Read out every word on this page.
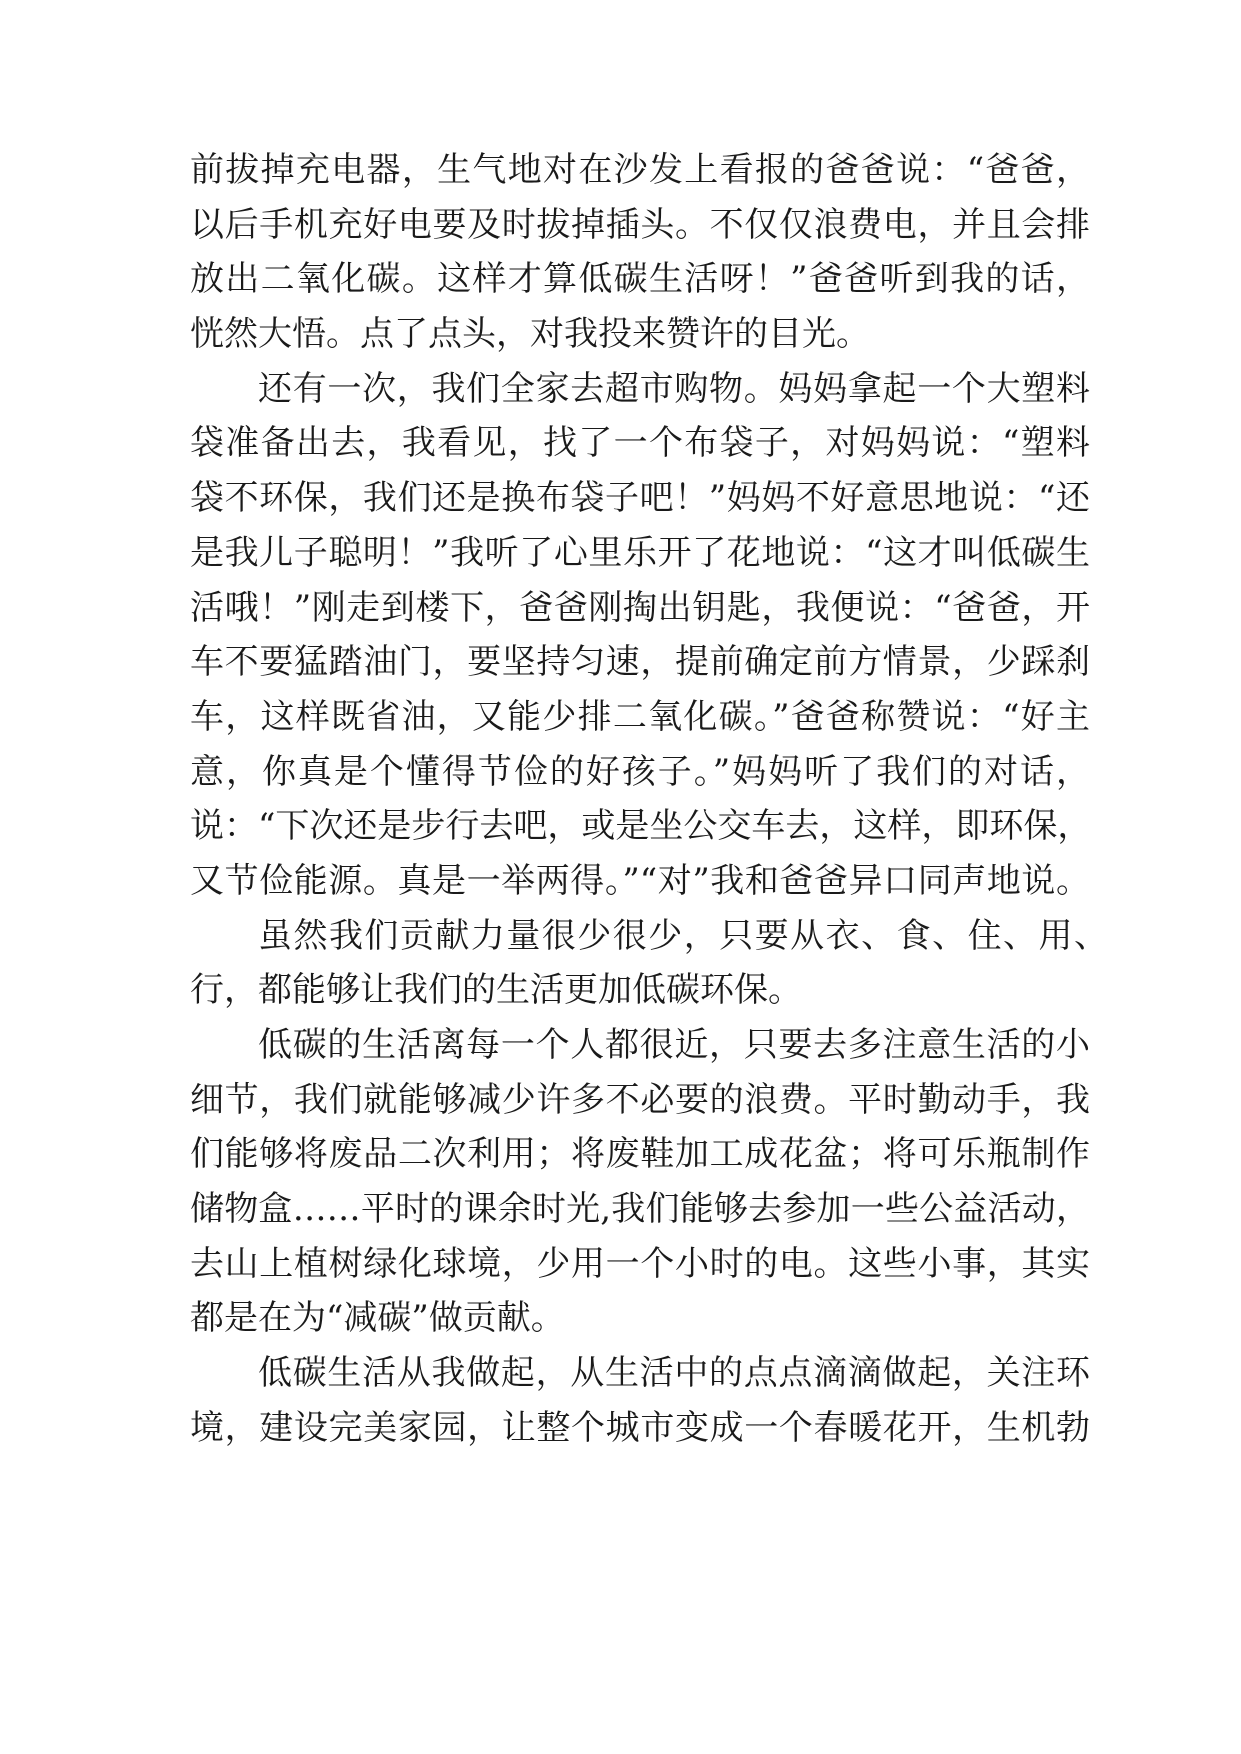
前拔掉充电器，生气地对在沙发上看报的爸爸说：“爸爸，
以后手机充好电要及时拔掉插头。不仅仅浪费电，并且会排
放出二氧化碳。这样才算低碳生活呀！”爸爸听到我的话，
恍然大悟。点了点头，对我投来赞许的目光。
还有一次，我们全家去超市购物。妈妈拿起一个大塑料
袋准备出去，我看见，找了一个布袋子，对妈妈说：“塑料
袋不环保，我们还是换布袋子吧！”妈妈不好意思地说：“还
是我儿子聪明！”我听了心里乐开了花地说：“这才叫低碳生
活哦！”刚走到楼下，爸爸刚掏出钥匙，我便说：“爸爸，开
车不要猛踏油门，要坚持匀速，提前确定前方情景，少踩刹
车，这样既省油，又能少排二氧化碳。”爸爸称赞说：“好主
意，你真是个懂得节俭的好孩子。”妈妈听了我们的对话，
说：“下次还是步行去吧，或是坐公交车去，这样，即环保，
又节俭能源。真是一举两得。”“对”我和爸爸异口同声地说。
虽然我们贡献力量很少很少，只要从衣、食、住、用、
行，都能够让我们的生活更加低碳环保。
低碳的生活离每一个人都很近，只要去多注意生活的小
细节，我们就能够减少许多不必要的浪费。平时勤动手，我
们能够将废品二次利用；将废鞋加工成花盆；将可乐瓶制作
储物盒……平时的课余时光,我们能够去参加一些公益活动，
去山上植树绿化球境，少用一个小时的电。这些小事，其实
都是在为“减碳”做贡献。
低碳生活从我做起，从生活中的点点滴滴做起，关注环
境，建设完美家园，让整个城市变成一个春暖花开，生机勃
